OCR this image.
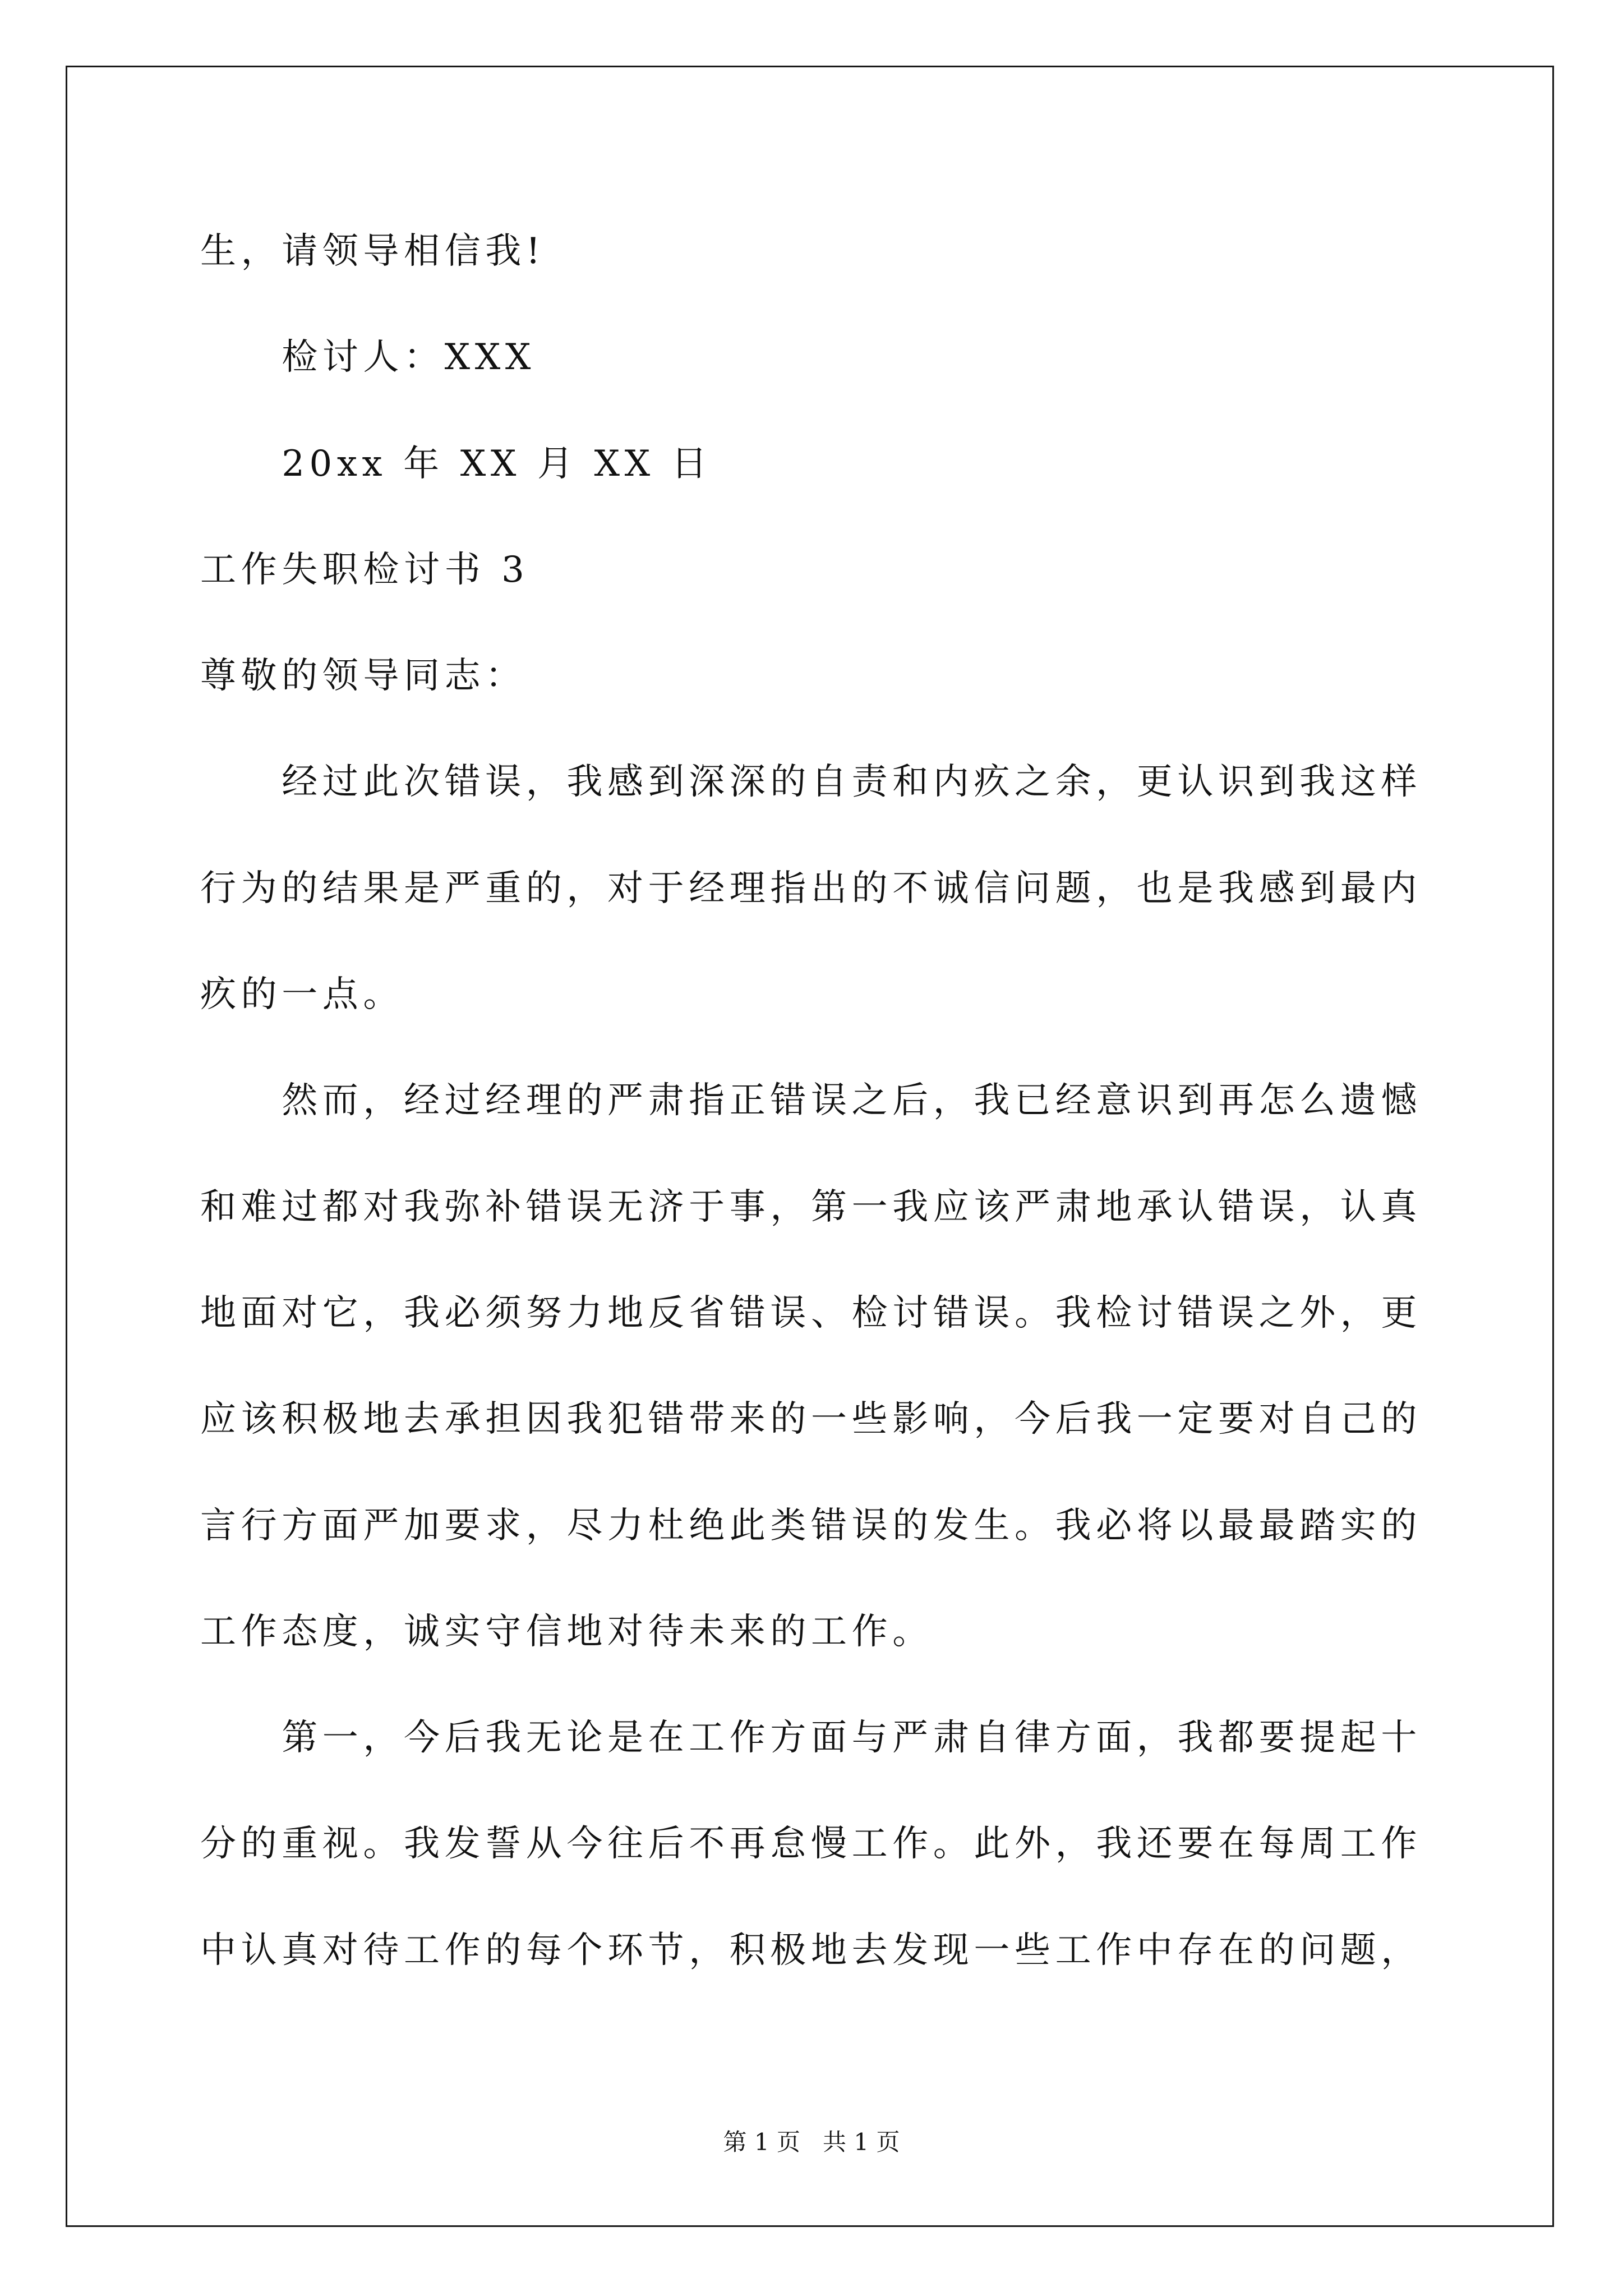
生，请领导相信我!
检讨人：XXX
20xx 年 XX 月 XX 日
工作失职检讨书 3
尊敬的领导同志：
经过此次错误，我感到深深的自责和内疚之余，更认识到我这样
行为的结果是严重的，对于经理指出的不诚信问题，也是我感到最内
疚的一点。
然而，经过经理的严肃指正错误之后，我已经意识到再怎么遗憾
和难过都对我弥补错误无济于事，第一我应该严肃地承认错误，认真
地面对它，我必须努力地反省错误、检讨错误。我检讨错误之外，更
应该积极地去承担因我犯错带来的一些影响，今后我一定要对自己的
言行方面严加要求，尽力杜绝此类错误的发生。我必将以最最踏实的
工作态度，诚实守信地对待未来的工作。
第一，今后我无论是在工作方面与严肃自律方面，我都要提起十
分的重视。我发誓从今往后不再怠慢工作。此外，我还要在每周工作
中认真对待工作的每个环节，积极地去发现一些工作中存在的问题，
第 1 页   共 1 页
